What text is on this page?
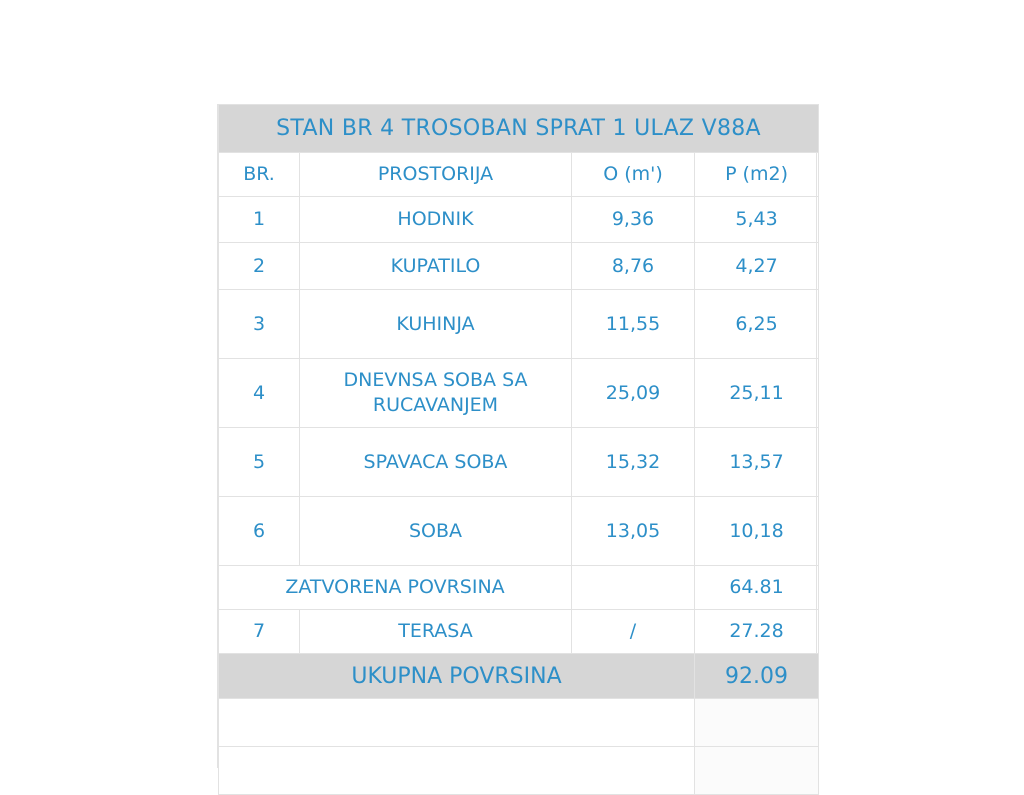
STAN BR 4 TROSOBAN SPRAT 1 ULAZ V88A			
BR.	PROSTORIJA	O (m')	P (m2)
1	HODNIK	9,36	5,43
2	KUPATILO	8,76	4,27
3	KUHINJA	11,55	6,25
4	DNEVNSA SOBA SA
RUCAVANJEM	25,09	25,11
5	SPAVACA SOBA	15,32	13,57
6	SOBA	13,05	10,18
ZATVORENA POVRSINA			64.81
7	TERASA	/	27.28
UKUPNA POVRSINA			92.09
